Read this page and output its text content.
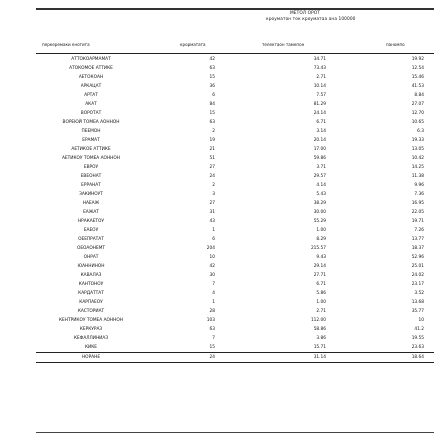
МЕТОЛ ОРОТ
кроуматон ток кроуматаа ана 100000
перкеремаки енотита	крорматата	телектаон тамепон	паномпо
АТТОКОАРМАМАТ	42	34.71	19.92
АТОКОМОЕ АТТИКЕ	63	73.43	12.54
АЕТОКОАН	15	2.71	15.46
АРКАЦАТ	36	10.14	41.53
АРТАТ	6	7.57	8.84
АКАТ	84	81.29	27.07
ВОРОТАТ	15	24.14	12.70
ВОРЕЮЙ ТОМЕА АОННОН	63	6.71	10.65
ПЕЕМОН	2	3.14	6.3
ЕРАМАТ	19	20.14	19.33
АЕТИКОЕ АТТИКЕ	21	17.00	13.05
АЕТИКОУ ТОМЕА АОННОН	51	59.86	10.42
ЕВРОУ	27	3.71	14.25
ЕВЕОНАТ	24	29.57	11.38
ЕРРАНАТ	2	4.14	9.96
ЗАКИНОУТ	3	5.43	7.36
НАЕАЖ	27	38.29	16.95
ЕАЖАТ	31	30.00	22.05
НРАКАЕТОУ	43	55.29	19.71
ЕАЕОУ	1	1.00	7.26
ОЕЕПРАТАТ	6	8.29	13.77
ОЕОАОНЕМТ	204	215.57	18.37
ОНРАТ	10	9.43	52.96
ЮАННИНОН	42	29.14	25.01
КАВАЛАЗ	30	27.71	24.02
КАНТОНОУ	7	6.71	23.17
КАРДАТТАТ	4	5.86	3.52
КАРПАЕОУ	1	1.00	13.68
КАСТОРИАТ	28	2.71	35.77
КЕНТРИКОУ ТОМЕА АОННОН	103	112.00	10
КЕРКУРАЗ	63	58.86	41.2
КЕФАЛЛИНИАЗ	7	3.86	19.55
КИКЕ	15	15.71	23.63
НОРАНЕ	24	31.14	18.64
